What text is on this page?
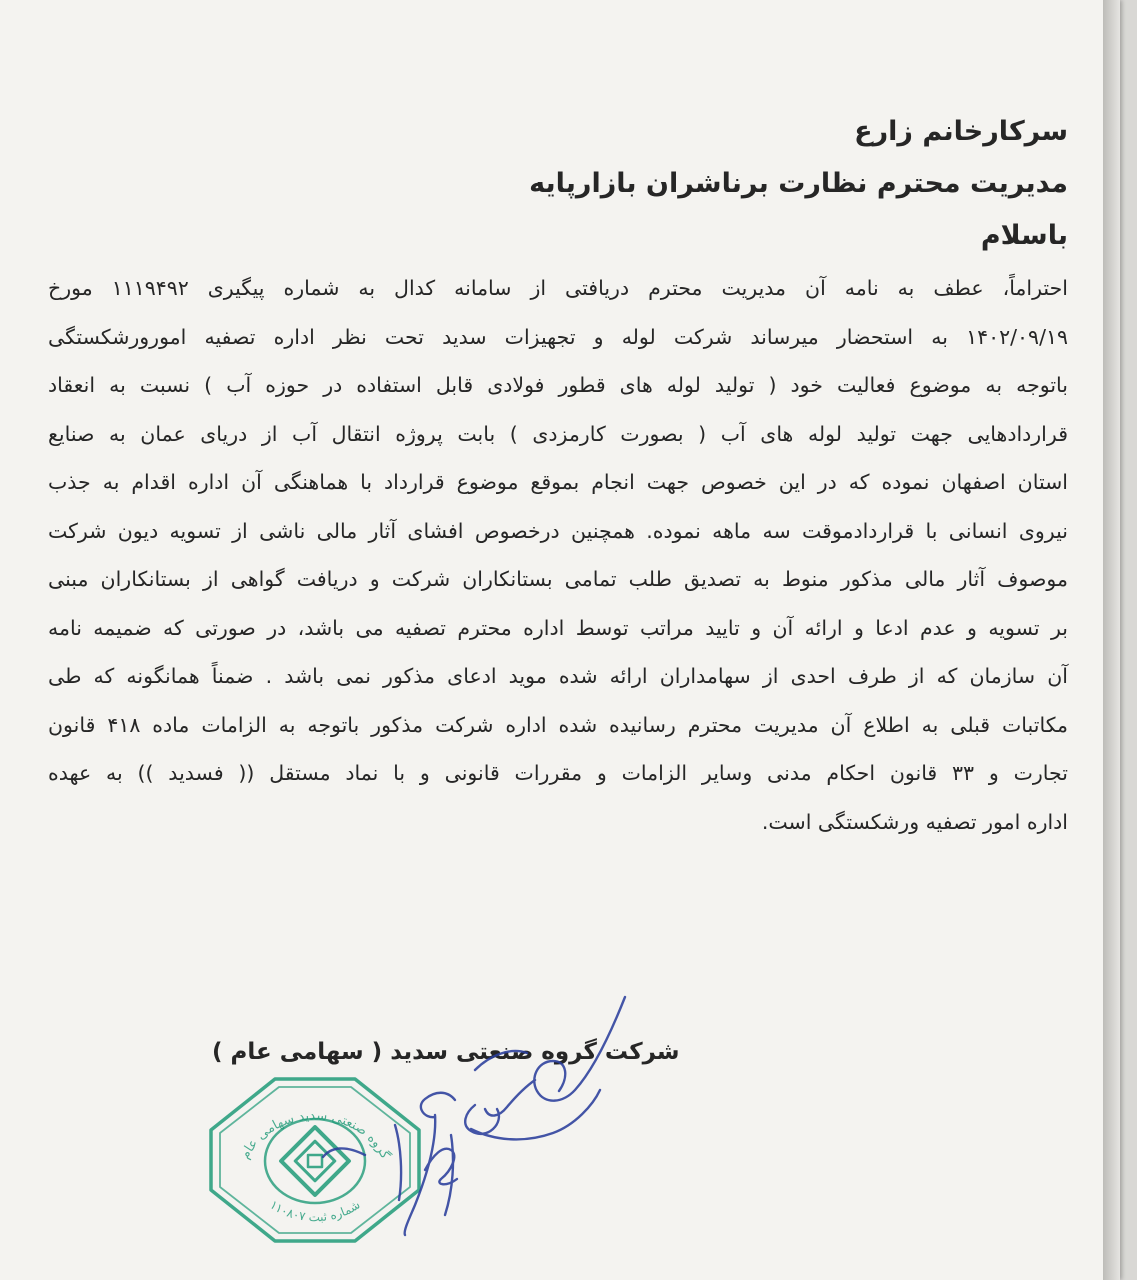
سرکارخانم زارع
مدیریت محترم نظارت برناشران بازارپایه
باسلام
احتراماً، عطف به نامه آن مدیریت محترم دریافتی از سامانه کدال به شماره پیگیری ۱۱۱۹۴۹۲ مورخ
۱۴۰۲/۰۹/۱۹ به استحضار میرساند شرکت لوله و تجهیزات سدید تحت نظر اداره تصفیه امورورشکستگی
باتوجه به موضوع فعالیت خود ( تولید لوله های قطور فولادی قابل استفاده در حوزه آب ) نسبت به انعقاد
قراردادهایی جهت تولید لوله های آب ( بصورت کارمزدی ) بابت پروژه انتقال آب از دریای عمان به صنایع
استان اصفهان نموده که در این خصوص جهت انجام بموقع موضوع قرارداد با هماهنگی آن اداره اقدام به جذب
نیروی انسانی با قراردادموقت سه ماهه نموده. همچنین درخصوص افشای آثار مالی ناشی از تسویه دیون شرکت
موصوف آثار مالی مذکور منوط به تصدیق طلب تمامی بستانکاران شرکت و دریافت گواهی از بستانکاران مبنی
بر تسویه و عدم ادعا و ارائه آن و تایید مراتب توسط اداره محترم تصفیه می باشد، در صورتی که ضمیمه نامه
آن سازمان که از طرف احدی از سهامداران ارائه شده موید ادعای مذکور نمی باشد . ضمناً همانگونه که طی
مکاتبات قبلی به اطلاع آن مدیریت محترم رسانیده شده اداره شرکت مذکور باتوجه به الزامات ماده ۴۱۸ قانون
تجارت و ۳۳ قانون احکام مدنی وسایر الزامات و مقررات قانونی و با نماد مستقل (( فسدید )) به عهده
اداره امور تصفیه ورشکستگی است.
گروه صنعتی سدید سهامی عام
شماره ثبت ۱۱۰۸۰۷
شرکت گروه صنعتی سدید ( سهامی عام )
